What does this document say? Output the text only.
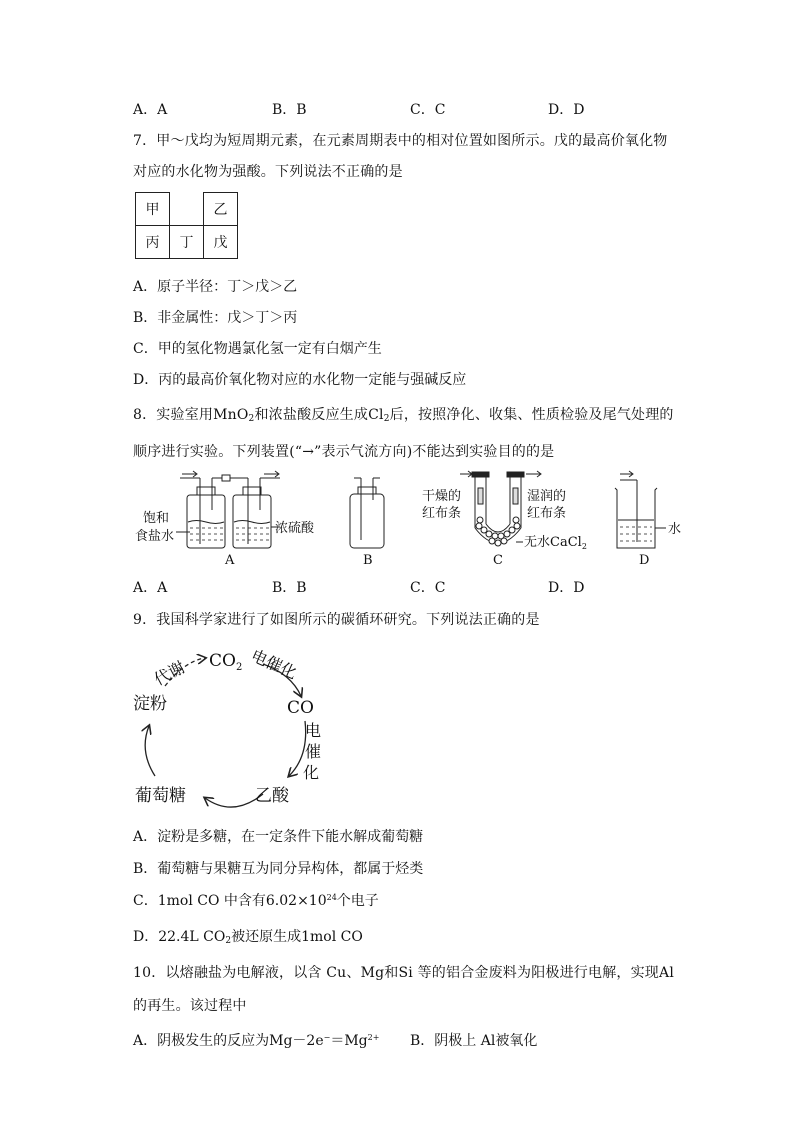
A．A	B．B	C．C	D．D
7．甲～戊均为短周期元素，在元素周期表中的相对位置如图所示。戊的最高价氧化物
对应的水化物为强酸。下列说法不正确的是
甲		乙
丙	丁	戊
A．原子半径：丁＞戊＞乙
B．非金属性：戊＞丁＞丙
C．甲的氢化物遇氯化氢一定有白烟产生
D．丙的最高价氧化物对应的水化物一定能与强碱反应
8．实验室用MnO$_2$和浓盐酸反应生成$Cl_2$后，按照净化、收集、性质检验及尾气处理的
顺序进行实验。下列装置(“→”表示气流方向)不能达到实验目的的是
饱和
食盐水
浓硫酸
A	B
干燥的
红布条
湿润的
红布条
无水CaCl$_2$
C	D
水
A．A	B．B	C．C	D．D
9．我国科学家进行了如图所示的碳循环研究。下列说法正确的是
$CO_2$
CO
淀粉
葡萄糖	乙酸
代谢	电催化
电
催
化
A．淀粉是多糖，在一定条件下能水解成葡萄糖
B．葡萄糖与果糖互为同分异构体，都属于烃类
C．1mol CO 中含有$6.02\times 10^{24}$个电子
D．22.4L $CO_2$被还原生成1mol CO
10．以熔融盐为电解液，以含 Cu、Mg和Si 等的铝合金废料为阳极进行电解，实现Al
的再生。该过程中
A．阴极发生的反应为$Mg-2e^-=Mg^{2+}$ B．阴极上 Al被氧化
